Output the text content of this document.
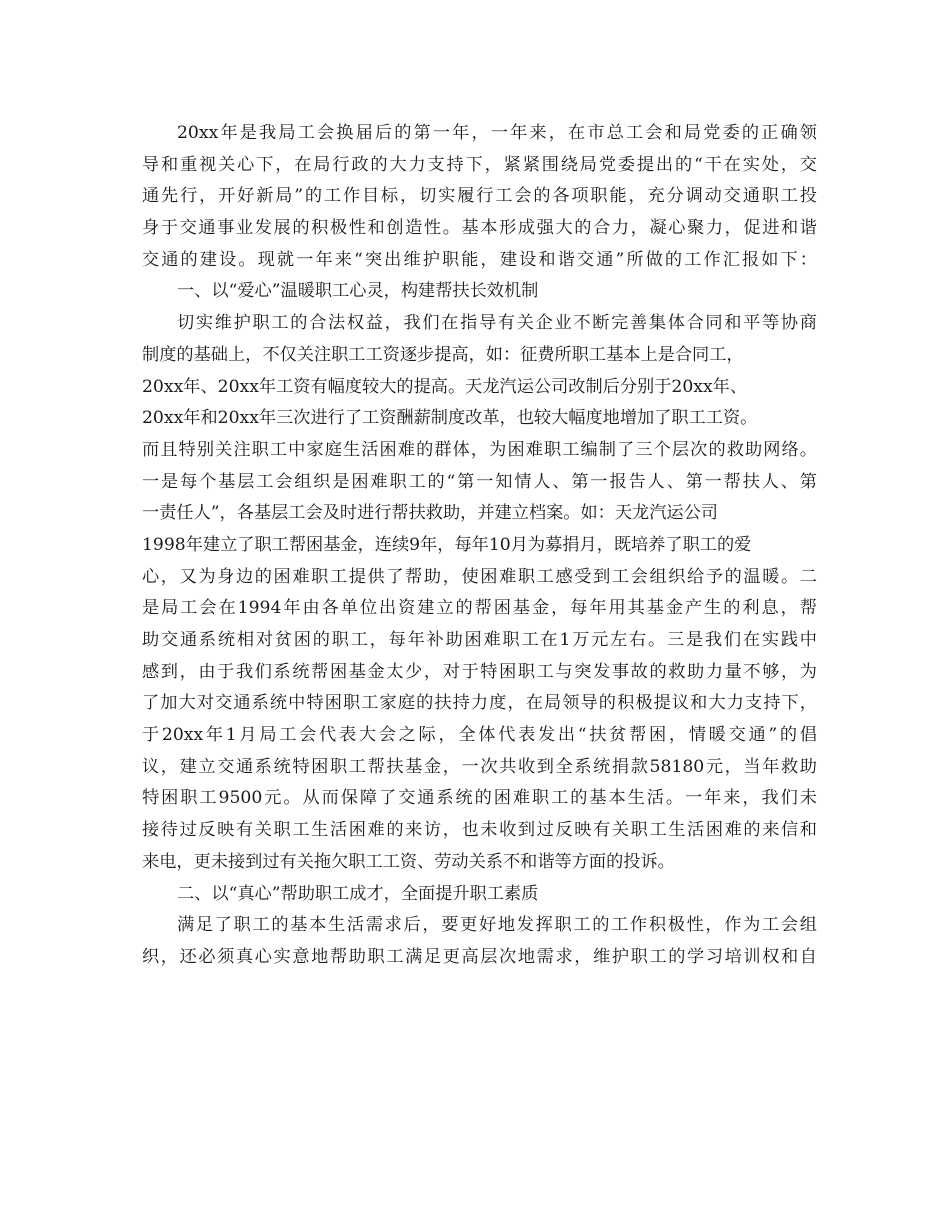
20xx年是我局工会换届后的第一年，一年来，在市总工会和局党委的正确领
导和重视关心下，在局行政的大力支持下，紧紧围绕局党委提出的“干在实处，交
通先行，开好新局”的工作目标，切实履行工会的各项职能，充分调动交通职工投
身于交通事业发展的积极性和创造性。基本形成强大的合力，凝心聚力，促进和谐
交通的建设。现就一年来“突出维护职能，建设和谐交通”所做的工作汇报如下：
一、以“爱心”温暖职工心灵，构建帮扶长效机制
切实维护职工的合法权益，我们在指导有关企业不断完善集体合同和平等协商
制度的基础上，不仅关注职工工资逐步提高，如：征费所职工基本上是合同工，
20xx年、20xx年工资有幅度较大的提高。天龙汽运公司改制后分别于20xx年、
20xx年和20xx年三次进行了工资酬薪制度改革，也较大幅度地增加了职工工资。
而且特别关注职工中家庭生活困难的群体，为困难职工编制了三个层次的救助网络。
一是每个基层工会组织是困难职工的“第一知情人、第一报告人、第一帮扶人、第
一责任人”，各基层工会及时进行帮扶救助，并建立档案。如：天龙汽运公司
1998年建立了职工帮困基金，连续9年，每年10月为募捐月，既培养了职工的爱
心，又为身边的困难职工提供了帮助，使困难职工感受到工会组织给予的温暖。二
是局工会在1994年由各单位出资建立的帮困基金，每年用其基金产生的利息，帮
助交通系统相对贫困的职工，每年补助困难职工在1万元左右。三是我们在实践中
感到，由于我们系统帮困基金太少，对于特困职工与突发事故的救助力量不够，为
了加大对交通系统中特困职工家庭的扶持力度，在局领导的积极提议和大力支持下，
于20xx年1月局工会代表大会之际，全体代表发出“扶贫帮困，情暖交通”的倡
议，建立交通系统特困职工帮扶基金，一次共收到全系统捐款58180元，当年救助
特困职工9500元。从而保障了交通系统的困难职工的基本生活。一年来，我们未
接待过反映有关职工生活困难的来访，也未收到过反映有关职工生活困难的来信和
来电，更未接到过有关拖欠职工工资、劳动关系不和谐等方面的投诉。
二、以“真心”帮助职工成才，全面提升职工素质
满足了职工的基本生活需求后，要更好地发挥职工的工作积极性，作为工会组
织，还必须真心实意地帮助职工满足更高层次地需求，维护职工的学习培训权和自
